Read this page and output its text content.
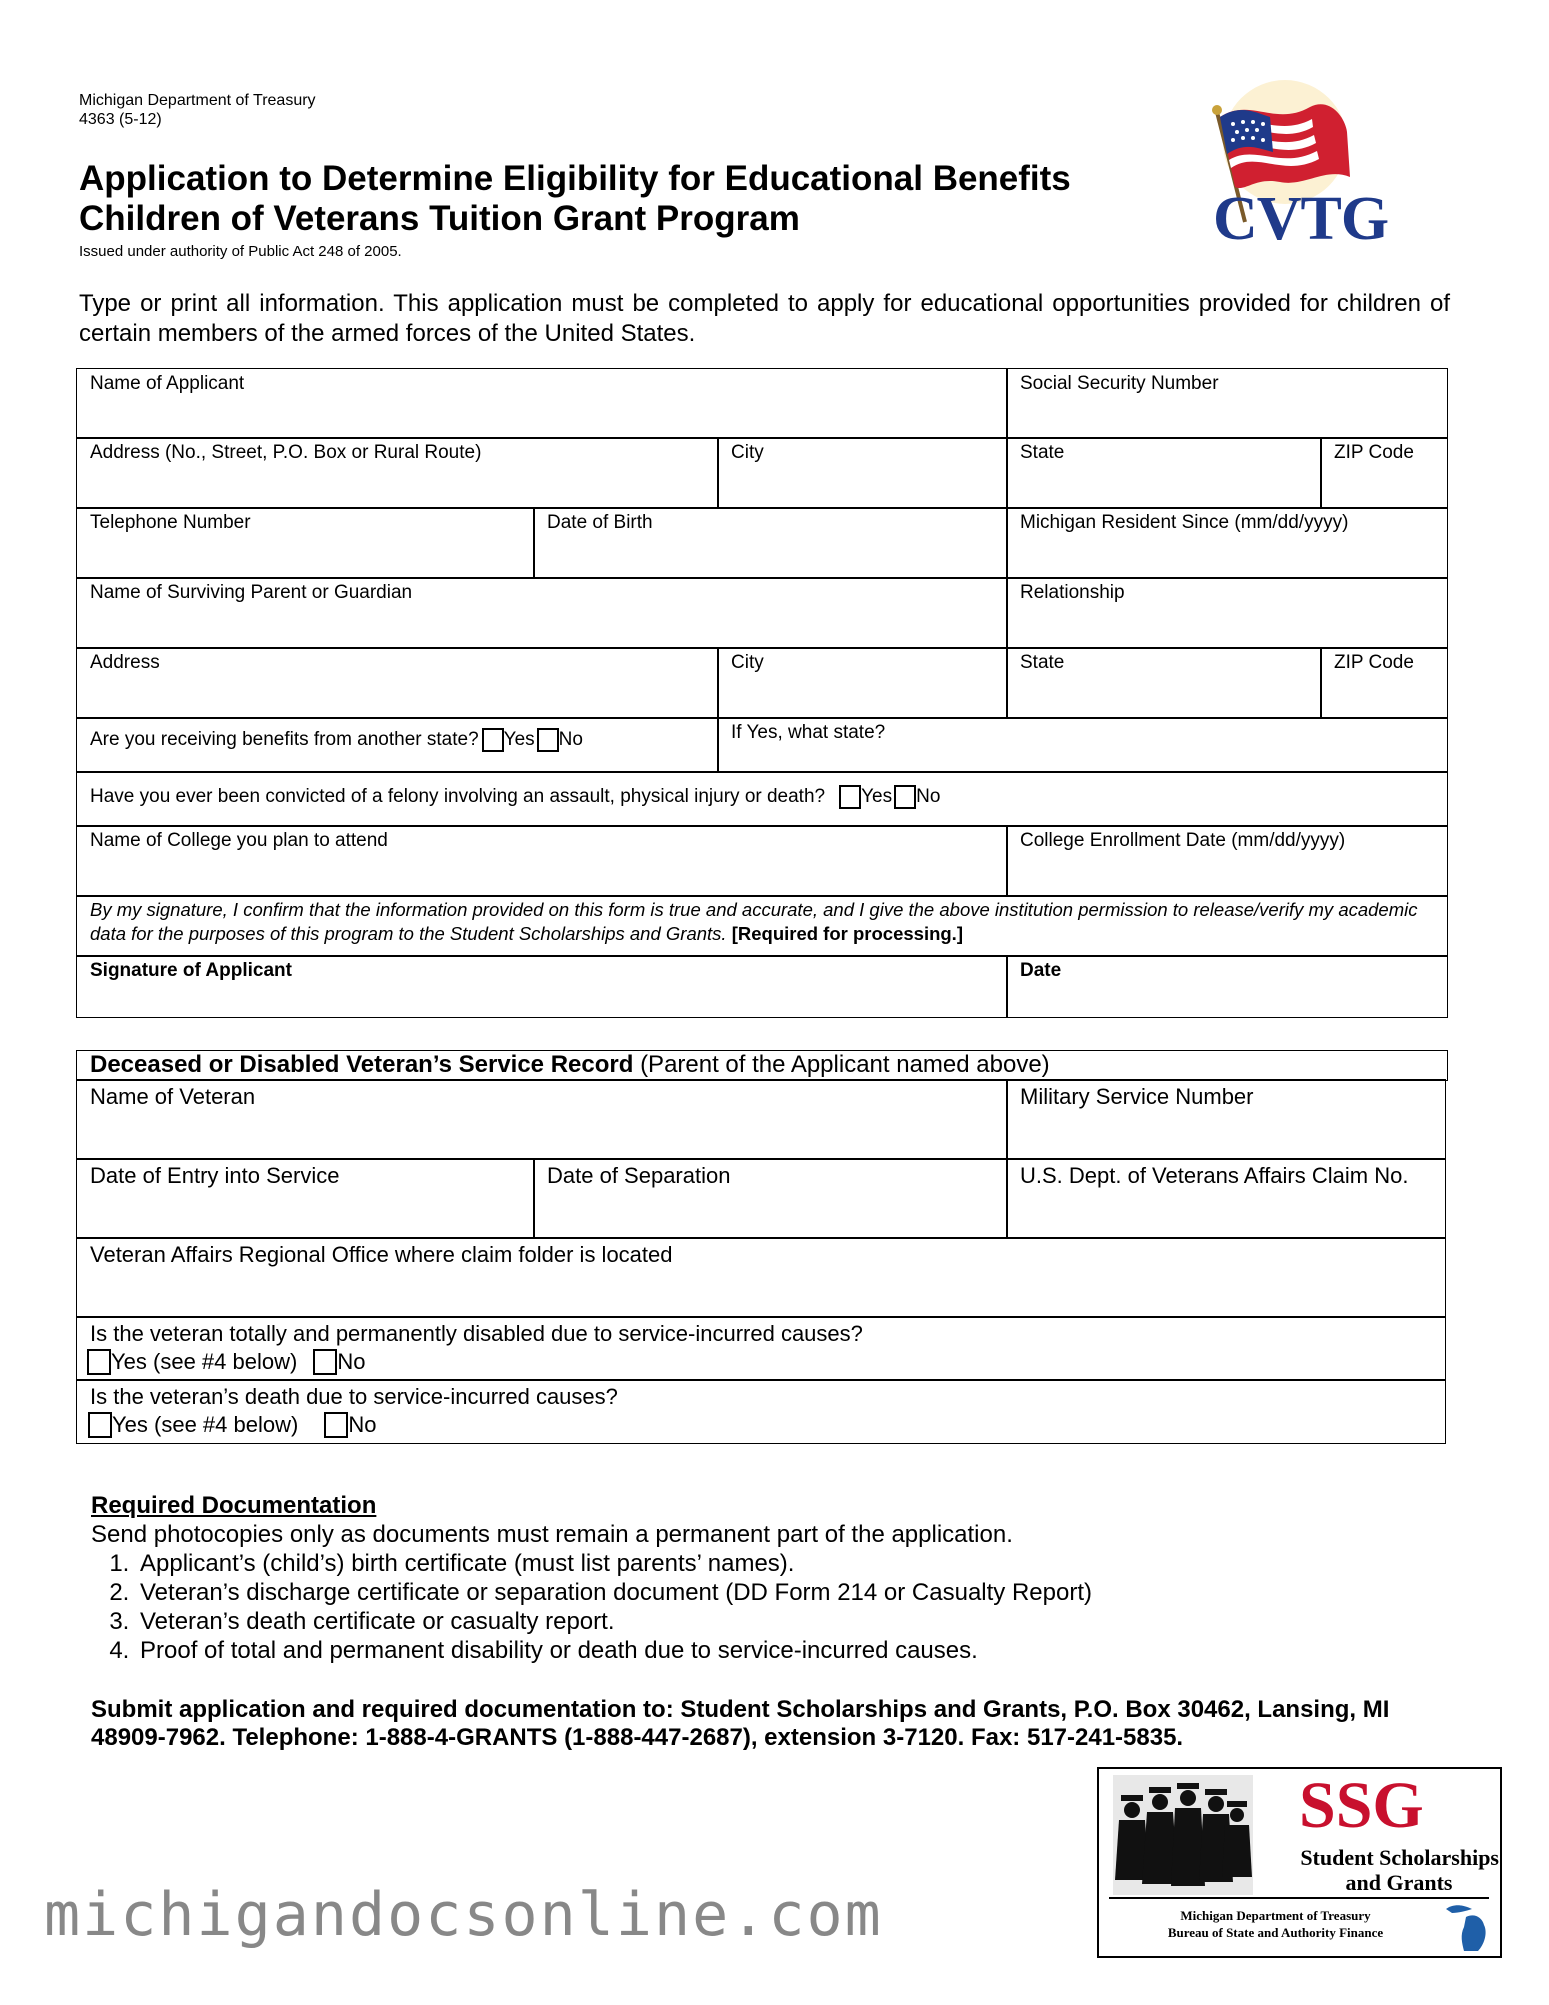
Michigan Department of Treasury
4363 (5-12)
Application to Determine Eligibility for Educational Benefits
Children of Veterans Tuition Grant Program
Issued under authority of Public Act 248 of 2005.	CVTG
Type or print all information. This application must be completed to apply for educational opportunities provided for children of certain members of the armed forces of the United States.
Name of Applicant	Social Security Number
Address (No., Street, P.O. Box or Rural Route)	City	State	ZIP Code
Telephone Number	Date of Birth	Michigan Resident Since (mm/dd/yyyy)
Name of Surviving Parent or Guardian	Relationship
Address	City	State	ZIP Code
Are you receiving benefits from another state? Yes No	If Yes, what state?
Have you ever been convicted of a felony involving an assault, physical injury or death? Yes No
Name of College you plan to attend	College Enrollment Date (mm/dd/yyyy)
By my signature, I confirm that the information provided on this form is true and accurate, and I give the above institution permission to release/verify my academic data for the purposes of this program to the Student Scholarships and Grants. [Required for processing.]
Signature of Applicant	Date
Deceased or Disabled Veteran’s Service Record (Parent of the Applicant named above)
Name of Veteran	Military Service Number
Date of Entry into Service	Date of Separation	U.S. Dept. of Veterans Affairs Claim No.
Veteran Affairs Regional Office where claim folder is located
Is the veteran totally and permanently disabled due to service-incurred causes?
Yes (see #4 below) No
Is the veteran’s death due to service-incurred causes?
Yes (see #4 below) No
Required Documentation
Send photocopies only as documents must remain a permanent part of the application.
1. Applicant’s (child’s) birth certificate (must list parents’ names).
2. Veteran’s discharge certificate or separation document (DD Form 214 or Casualty Report)
3. Veteran’s death certificate or casualty report.
4. Proof of total and permanent disability or death due to service-incurred causes.
Submit application and required documentation to: Student Scholarships and Grants, P.O. Box 30462, Lansing, MI 48909-7962. Telephone: 1-888-4-GRANTS (1-888-447-2687), extension 3-7120. Fax: 517-241-5835.
SSG
Student Scholarships
and Grants
Michigan Department of Treasury
Bureau of State and Authority Finance
michigandocsonline.com
